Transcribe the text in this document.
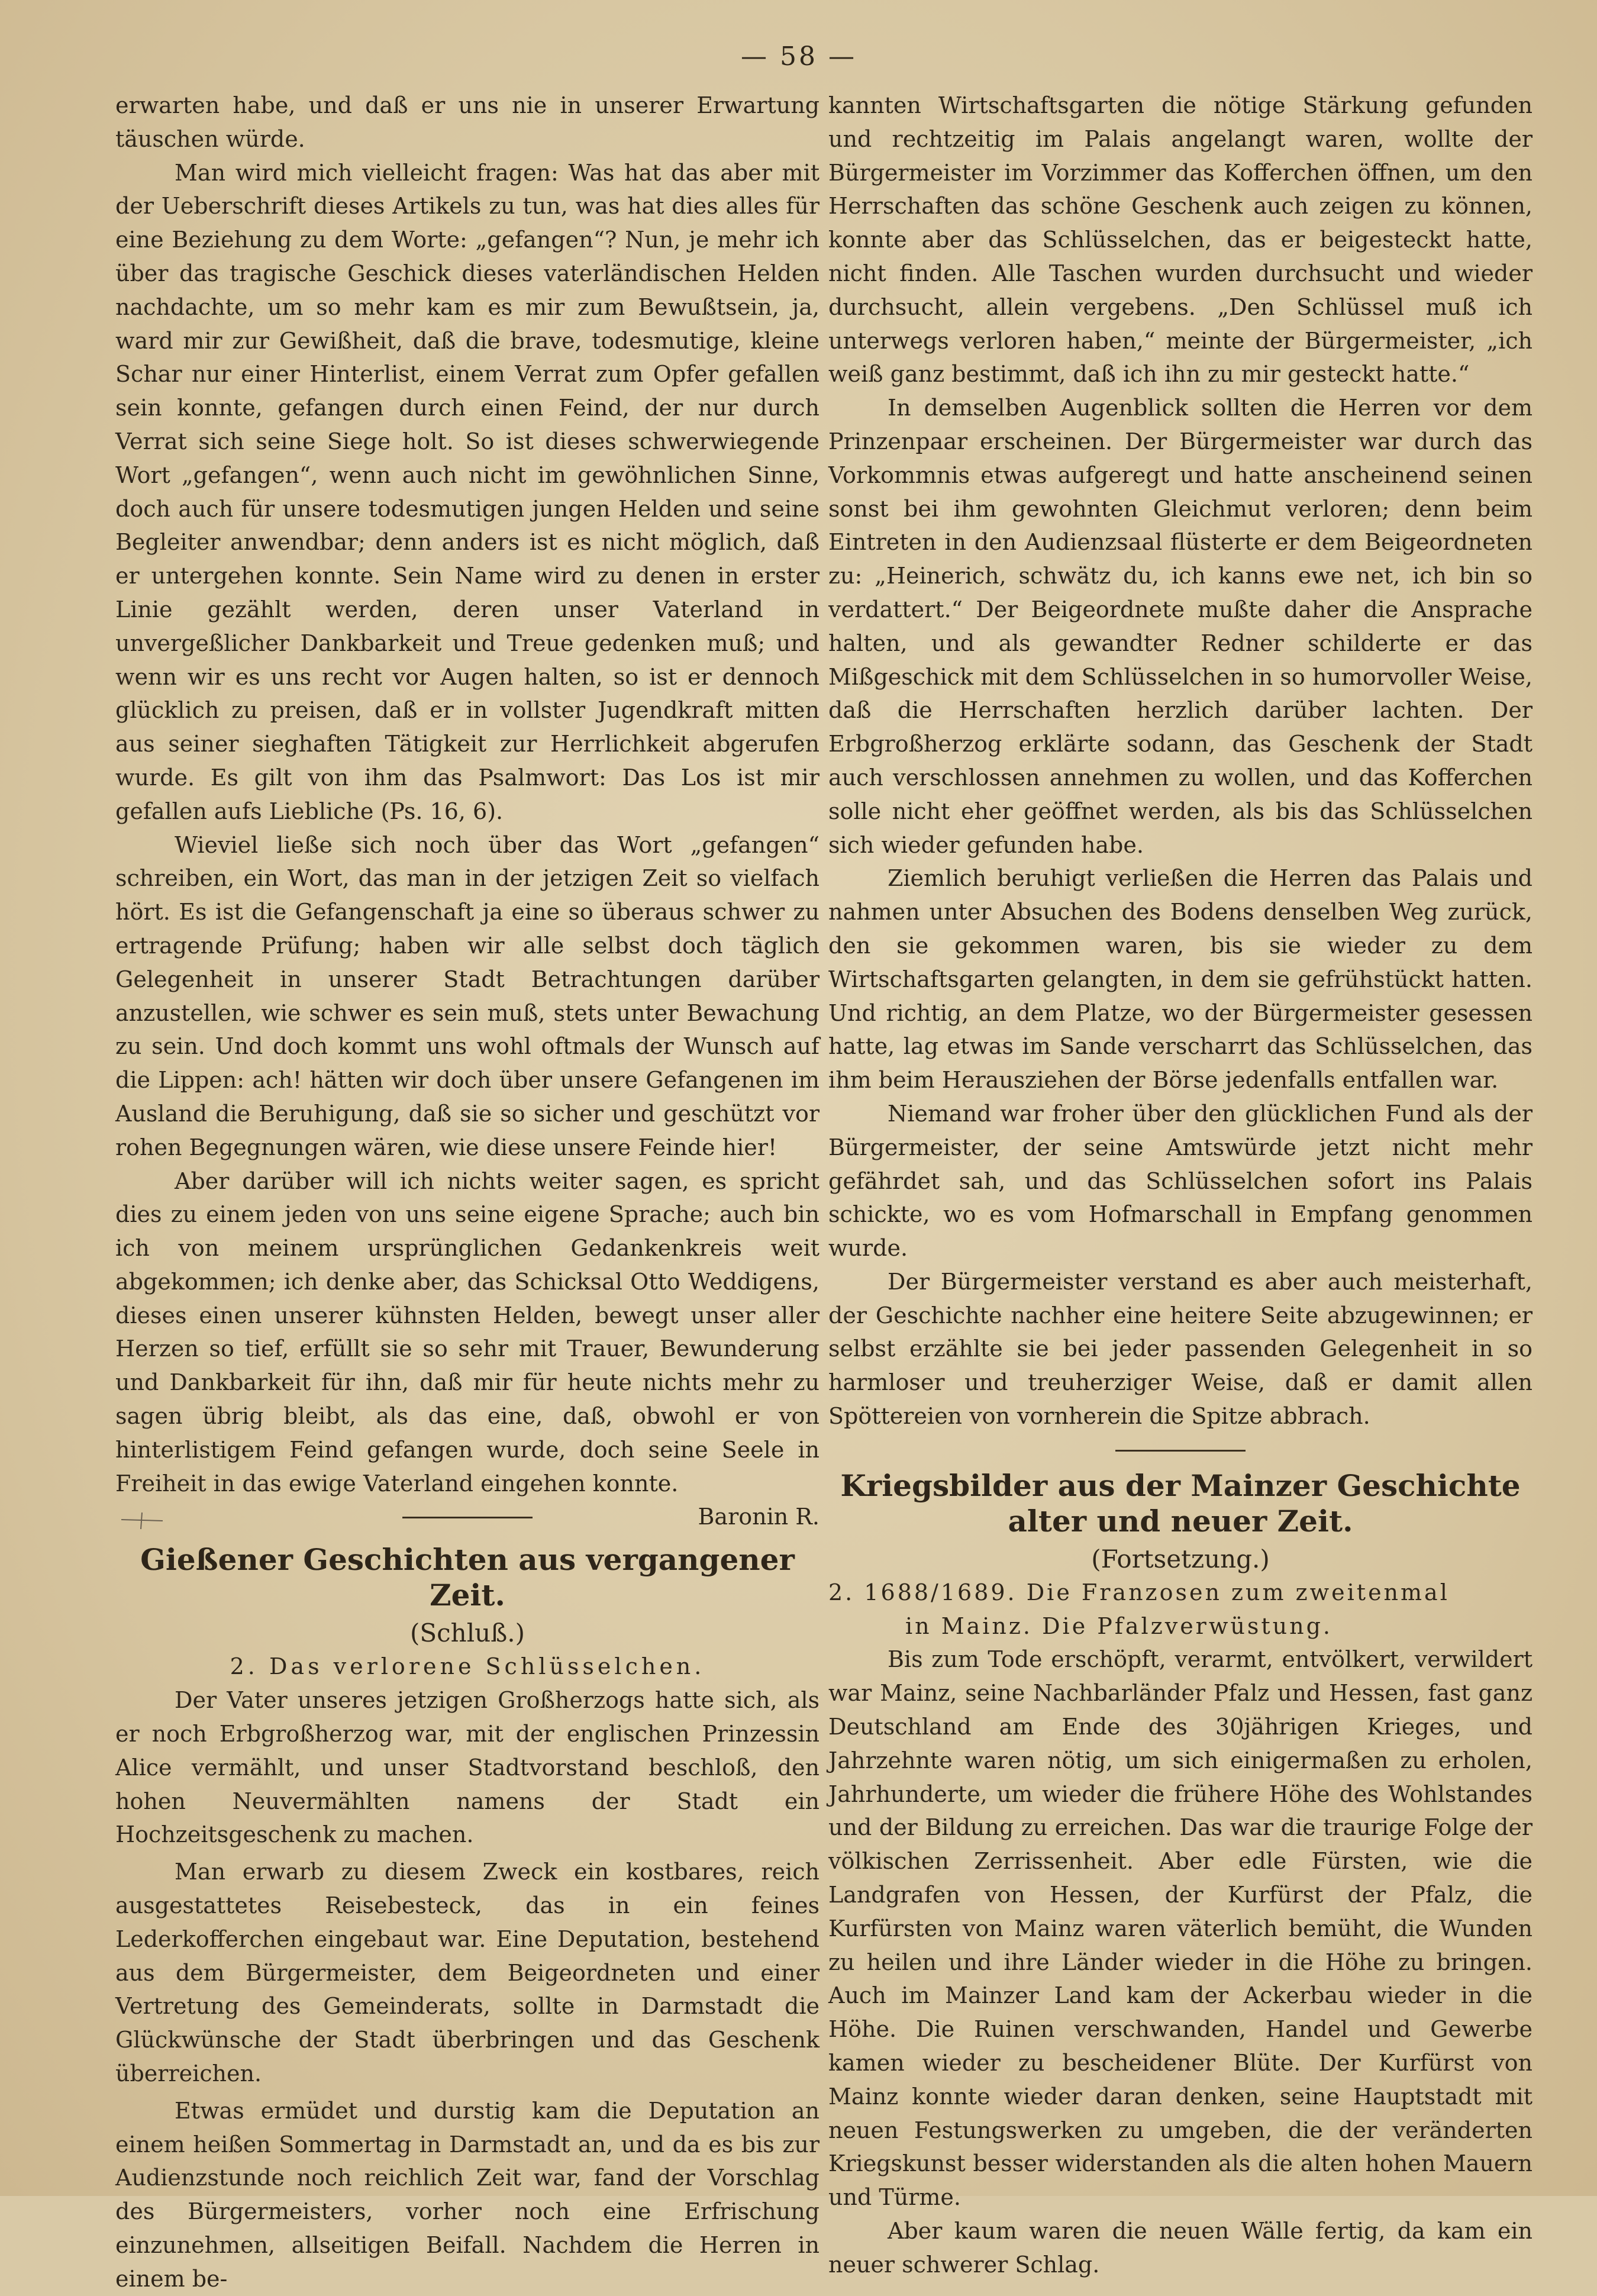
— 58 —

erwarten habe, und daß er uns nie in unserer Erwartung täuschen würde.

Man wird mich vielleicht fragen: Was hat das aber mit der Ueberschrift dieses Artikels zu tun, was hat dies alles für eine Beziehung zu dem Worte: „gefangen“? Nun, je mehr ich über das tragische Geschick dieses vaterländischen Helden nachdachte, um so mehr kam es mir zum Bewußtsein, ja, ward mir zur Gewißheit, daß die brave, todesmutige, kleine Schar nur einer Hinterlist, einem Verrat zum Opfer gefallen sein konnte, gefangen durch einen Feind, der nur durch Verrat sich seine Siege holt. So ist dieses schwerwiegende Wort „gefangen“, wenn auch nicht im gewöhnlichen Sinne, doch auch für unsere todesmutigen jungen Helden und seine Begleiter anwendbar; denn anders ist es nicht möglich, daß er untergehen konnte. Sein Name wird zu denen in erster Linie gezählt werden, deren unser Vaterland in unvergeßlicher Dankbarkeit und Treue gedenken muß; und wenn wir es uns recht vor Augen halten, so ist er dennoch glücklich zu preisen, daß er in vollster Jugendkraft mitten aus seiner sieghaften Tätigkeit zur Herrlichkeit abgerufen wurde. Es gilt von ihm das Psalmwort: Das Los ist mir gefallen aufs Liebliche (Ps. 16, 6).

Wieviel ließe sich noch über das Wort „gefangen“ schreiben, ein Wort, das man in der jetzigen Zeit so vielfach hört. Es ist die Gefangenschaft ja eine so überaus schwer zu ertragende Prüfung; haben wir alle selbst doch täglich Gelegenheit in unserer Stadt Betrachtungen darüber anzustellen, wie schwer es sein muß, stets unter Bewachung zu sein. Und doch kommt uns wohl oftmals der Wunsch auf die Lippen: ach! hätten wir doch über unsere Gefangenen im Ausland die Beruhigung, daß sie so sicher und geschützt vor rohen Begegnungen wären, wie diese unsere Feinde hier!

Aber darüber will ich nichts weiter sagen, es spricht dies zu einem jeden von uns seine eigene Sprache; auch bin ich von meinem ursprünglichen Gedankenkreis weit abgekommen; ich denke aber, das Schicksal Otto Weddigens, dieses einen unserer kühnsten Helden, bewegt unser aller Herzen so tief, erfüllt sie so sehr mit Trauer, Bewunderung und Dankbarkeit für ihn, daß mir für heute nichts mehr zu sagen übrig bleibt, als das eine, daß, obwohl er von hinterlistigem Feind gefangen wurde, doch seine Seele in Freiheit in das ewige Vaterland eingehen konnte.
Baronin R.

Gießener Geschichten aus vergangener Zeit.

(Schluß.)

2. Das verlorene Schlüsselchen.

Der Vater unseres jetzigen Großherzogs hatte sich, als er noch Erbgroßherzog war, mit der englischen Prinzessin Alice vermählt, und unser Stadtvorstand beschloß, den hohen Neuvermählten namens der Stadt ein Hochzeitsgeschenk zu machen.

Man erwarb zu diesem Zweck ein kostbares, reich ausgestattetes Reisebesteck, das in ein feines Lederkofferchen eingebaut war. Eine Deputation, bestehend aus dem Bürgermeister, dem Beigeordneten und einer Vertretung des Gemeinderats, sollte in Darmstadt die Glückwünsche der Stadt überbringen und das Geschenk überreichen.

Etwas ermüdet und durstig kam die Deputation an einem heißen Sommertag in Darmstadt an, und da es bis zur Audienzstunde noch reichlich Zeit war, fand der Vorschlag des Bürgermeisters, vorher noch eine Erfrischung einzunehmen, allseitigen Beifall. Nachdem die Herren in einem be-

kannten Wirtschaftsgarten die nötige Stärkung gefunden und rechtzeitig im Palais angelangt waren, wollte der Bürgermeister im Vorzimmer das Kofferchen öffnen, um den Herrschaften das schöne Geschenk auch zeigen zu können, konnte aber das Schlüsselchen, das er beigesteckt hatte, nicht finden. Alle Taschen wurden durchsucht und wieder durchsucht, allein vergebens. „Den Schlüssel muß ich unterwegs verloren haben,“ meinte der Bürgermeister, „ich weiß ganz bestimmt, daß ich ihn zu mir gesteckt hatte.“

In demselben Augenblick sollten die Herren vor dem Prinzenpaar erscheinen. Der Bürgermeister war durch das Vorkommnis etwas aufgeregt und hatte anscheinend seinen sonst bei ihm gewohnten Gleichmut verloren; denn beim Eintreten in den Audienzsaal flüsterte er dem Beigeordneten zu: „Heinerich, schwätz du, ich kanns ewe net, ich bin so verdattert.“ Der Beigeordnete mußte daher die Ansprache halten, und als gewandter Redner schilderte er das Mißgeschick mit dem Schlüsselchen in so humorvoller Weise, daß die Herrschaften herzlich darüber lachten. Der Erbgroßherzog erklärte sodann, das Geschenk der Stadt auch verschlossen annehmen zu wollen, und das Kofferchen solle nicht eher geöffnet werden, als bis das Schlüsselchen sich wieder gefunden habe.

Ziemlich beruhigt verließen die Herren das Palais und nahmen unter Absuchen des Bodens denselben Weg zurück, den sie gekommen waren, bis sie wieder zu dem Wirtschaftsgarten gelangten, in dem sie gefrühstückt hatten. Und richtig, an dem Platze, wo der Bürgermeister gesessen hatte, lag etwas im Sande verscharrt das Schlüsselchen, das ihm beim Herausziehen der Börse jedenfalls entfallen war.

Niemand war froher über den glücklichen Fund als der Bürgermeister, der seine Amtswürde jetzt nicht mehr gefährdet sah, und das Schlüsselchen sofort ins Palais schickte, wo es vom Hofmarschall in Empfang genommen wurde.

Der Bürgermeister verstand es aber auch meisterhaft, der Geschichte nachher eine heitere Seite abzugewinnen; er selbst erzählte sie bei jeder passenden Gelegenheit in so harmloser und treuherziger Weise, daß er damit allen Spöttereien von vornherein die Spitze abbrach.

Kriegsbilder aus der Mainzer Geschichte
alter und neuer Zeit.

(Fortsetzung.)

2. 1688/1689. Die Franzosen zum zweitenmal

in Mainz. Die Pfalzverwüstung.

Bis zum Tode erschöpft, verarmt, entvölkert, verwildert war Mainz, seine Nachbarländer Pfalz und Hessen, fast ganz Deutschland am Ende des 30jährigen Krieges, und Jahrzehnte waren nötig, um sich einigermaßen zu erholen, Jahrhunderte, um wieder die frühere Höhe des Wohlstandes und der Bildung zu erreichen. Das war die traurige Folge der völkischen Zerrissenheit. Aber edle Fürsten, wie die Landgrafen von Hessen, der Kurfürst der Pfalz, die Kurfürsten von Mainz waren väterlich bemüht, die Wunden zu heilen und ihre Länder wieder in die Höhe zu bringen. Auch im Mainzer Land kam der Ackerbau wieder in die Höhe. Die Ruinen verschwanden, Handel und Gewerbe kamen wieder zu bescheidener Blüte. Der Kurfürst von Mainz konnte wieder daran denken, seine Hauptstadt mit neuen Festungswerken zu umgeben, die der veränderten Kriegskunst besser widerstanden als die alten hohen Mauern und Türme.

Aber kaum waren die neuen Wälle fertig, da kam ein neuer schwerer Schlag.
